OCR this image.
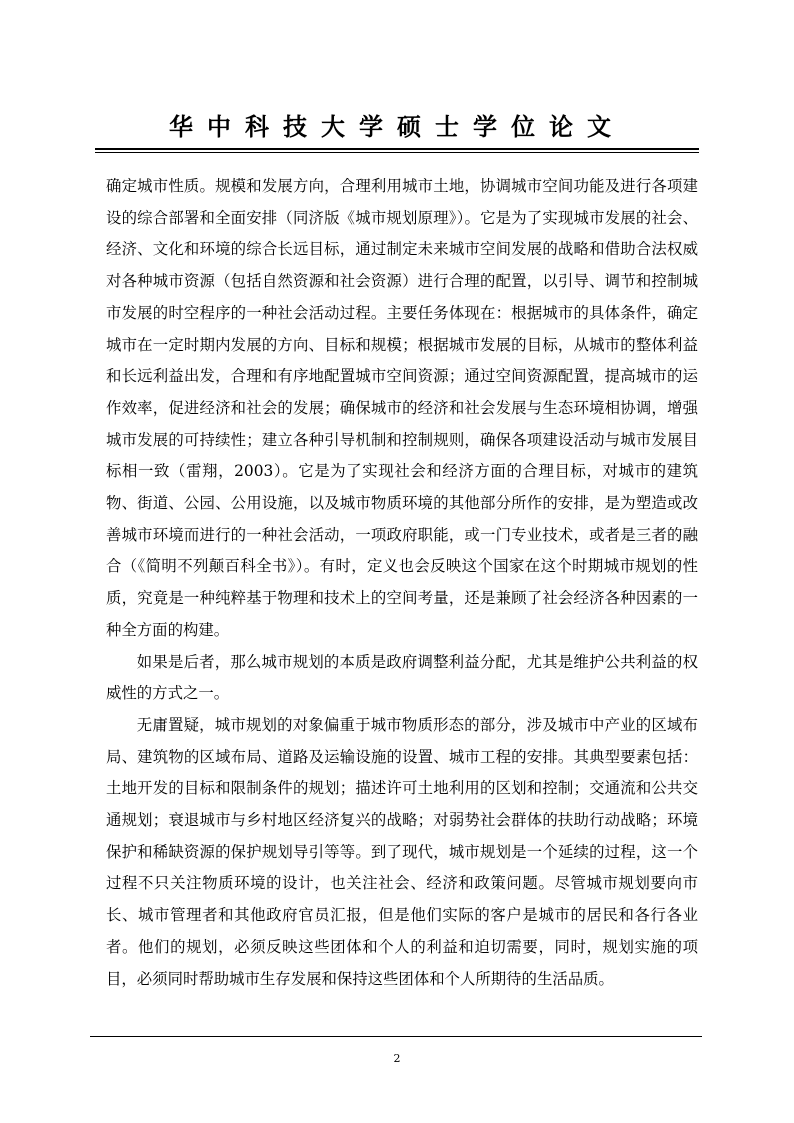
华中科技大学硕士学位论文

确定城市性质。规模和发展方向，合理利用城市土地，协调城市空间功能及进行各项建设的综合部署和全面安排（同济版《城市规划原理》）。它是为了实现城市发展的社会、经济、文化和环境的综合长远目标，通过制定未来城市空间发展的战略和借助合法权威对各种城市资源（包括自然资源和社会资源）进行合理的配置，以引导、调节和控制城市发展的时空程序的一种社会活动过程。主要任务体现在：根据城市的具体条件，确定城市在一定时期内发展的方向、目标和规模；根据城市发展的目标，从城市的整体利益和长远利益出发，合理和有序地配置城市空间资源；通过空间资源配置，提高城市的运作效率，促进经济和社会的发展；确保城市的经济和社会发展与生态环境相协调，增强城市发展的可持续性；建立各种引导机制和控制规则，确保各项建设活动与城市发展目标相一致（雷翔，2003）。它是为了实现社会和经济方面的合理目标，对城市的建筑物、街道、公园、公用设施，以及城市物质环境的其他部分所作的安排，是为塑造或改善城市环境而进行的一种社会活动，一项政府职能，或一门专业技术，或者是三者的融合（《简明不列颠百科全书》）。有时，定义也会反映这个国家在这个时期城市规划的性质，究竟是一种纯粹基于物理和技术上的空间考量，还是兼顾了社会经济各种因素的一种全方面的构建。

如果是后者，那么城市规划的本质是政府调整利益分配，尤其是维护公共利益的权威性的方式之一。

无庸置疑，城市规划的对象偏重于城市物质形态的部分，涉及城市中产业的区域布局、建筑物的区域布局、道路及运输设施的设置、城市工程的安排。其典型要素包括：土地开发的目标和限制条件的规划；描述许可土地利用的区划和控制；交通流和公共交通规划；衰退城市与乡村地区经济复兴的战略；对弱势社会群体的扶助行动战略；环境保护和稀缺资源的保护规划导引等等。到了现代，城市规划是一个延续的过程，这一个过程不只关注物质环境的设计，也关注社会、经济和政策问题。尽管城市规划要向市长、城市管理者和其他政府官员汇报，但是他们实际的客户是城市的居民和各行各业者。他们的规划，必须反映这些团体和个人的利益和迫切需要，同时，规划实施的项目，必须同时帮助城市生存发展和保持这些团体和个人所期待的生活品质。

2
